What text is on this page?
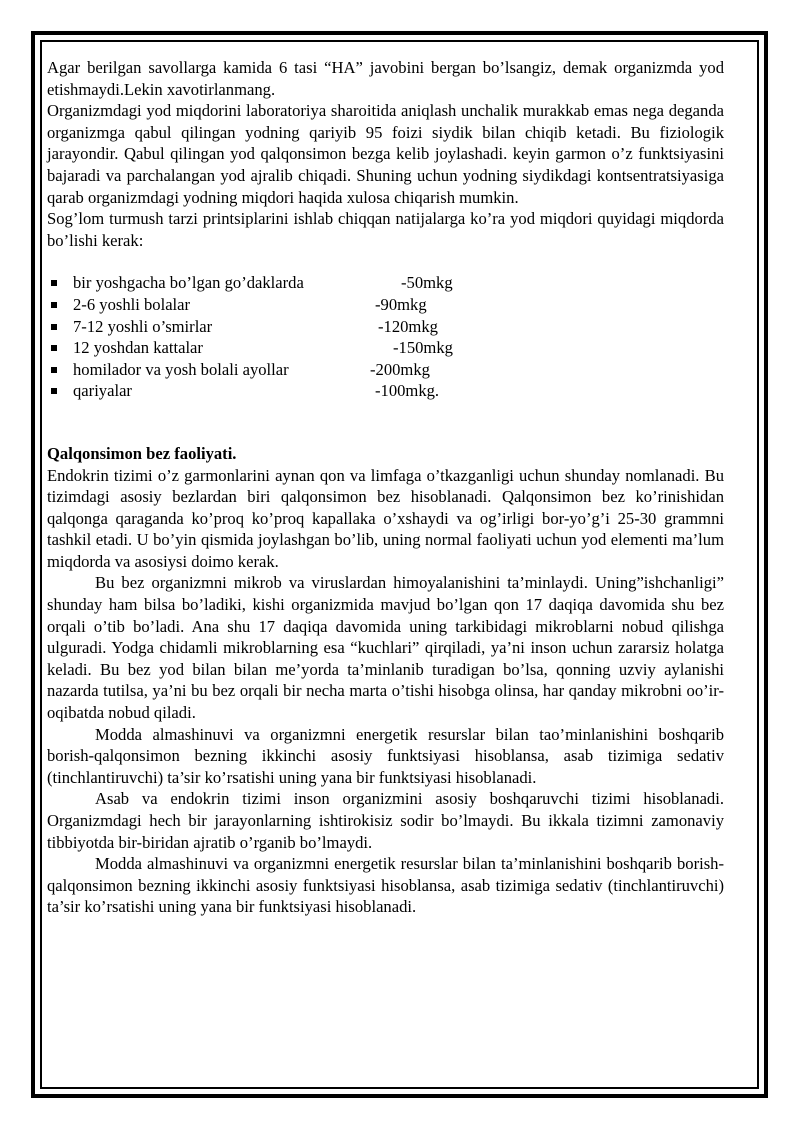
Agar berilgan savollarga kamida 6 tasi “HA” javobini bergan bo’lsangiz, demak organizmda yod etishmaydi.Lekin xavotirlanmang.

Organizmdagi yod miqdorini laboratoriya sharoitida aniqlash unchalik murakkab emas nega deganda organizmga qabul qilingan yodning qariyib 95 foizi siydik bilan chiqib ketadi. Bu fiziologik jarayondir. Qabul qilingan yod qalqonsimon bezga kelib joylashadi. keyin garmon o’z funktsiyasini bajaradi va parchalangan yod ajralib chiqadi. Shuning uchun yodning siydikdagi kontsentratsiyasiga qarab organizmdagi yodning miqdori haqida xulosa chiqarish mumkin.

Sog’lom turmush tarzi printsiplarini ishlab chiqqan natijalarga ko’ra yod miqdori quyidagi miqdorda bo’lishi kerak:

bir yoshgacha bo’lgan go’daklarda	-50mkg
2-6 yoshli bolalar	-90mkg
7-12 yoshli o’smirlar	-120mkg
12 yoshdan kattalar	-150mkg
homilador va yosh bolali ayollar	-200mkg
qariyalar	-100mkg.

Qalqonsimon bez faoliyati.

Endokrin tizimi o’z garmonlarini aynan qon va limfaga o’tkazganligi uchun shunday nomlanadi. Bu tizimdagi asosiy bezlardan biri qalqonsimon bez hisoblanadi. Qalqonsimon bez ko’rinishidan qalqonga qaraganda ko’proq ko’proq kapallaka o’xshaydi va og’irligi bor-yo’g’i 25-30 grammni tashkil etadi. U bo’yin qismida joylashgan bo’lib, uning normal faoliyati uchun yod elementi ma’lum miqdorda va asosiysi doimo kerak.

Bu bez organizmni mikrob va viruslardan himoyalanishini ta’minlaydi. Uning”ishchanligi” shunday ham bilsa bo’ladiki, kishi organizmida mavjud bo’lgan qon 17 daqiqa davomida shu bez orqali o’tib bo’ladi. Ana shu 17 daqiqa davomida uning tarkibidagi mikroblarni nobud qilishga ulguradi. Yodga chidamli mikroblarning esa “kuchlari” qirqiladi, ya’ni inson uchun zararsiz holatga keladi. Bu bez yod bilan bilan me’yorda ta’minlanib turadigan bo’lsa, qonning uzviy aylanishi nazarda tutilsa, ya’ni bu bez orqali bir necha marta o’tishi hisobga olinsa, har qanday mikrobni oo’ir-oqibatda nobud qiladi.

Modda almashinuvi va organizmni energetik resurslar bilan tao’minlanishini boshqarib borish-qalqonsimon bezning ikkinchi asosiy funktsiyasi hisoblansa, asab tizimiga sedativ (tinchlantiruvchi) ta’sir ko’rsatishi uning yana bir funktsiyasi hisoblanadi.

Asab va endokrin tizimi inson organizmini asosiy boshqaruvchi tizimi hisoblanadi. Organizmdagi hech bir jarayonlarning ishtirokisiz sodir bo’lmaydi. Bu ikkala tizimni zamonaviy tibbiyotda bir-biridan ajratib o’rganib bo’lmaydi.

Modda almashinuvi va organizmni energetik resurslar bilan ta’minlanishini boshqarib borish-qalqonsimon bezning ikkinchi asosiy funktsiyasi hisoblansa, asab tizimiga sedativ (tinchlantiruvchi) ta’sir ko’rsatishi uning yana bir funktsiyasi hisoblanadi.
